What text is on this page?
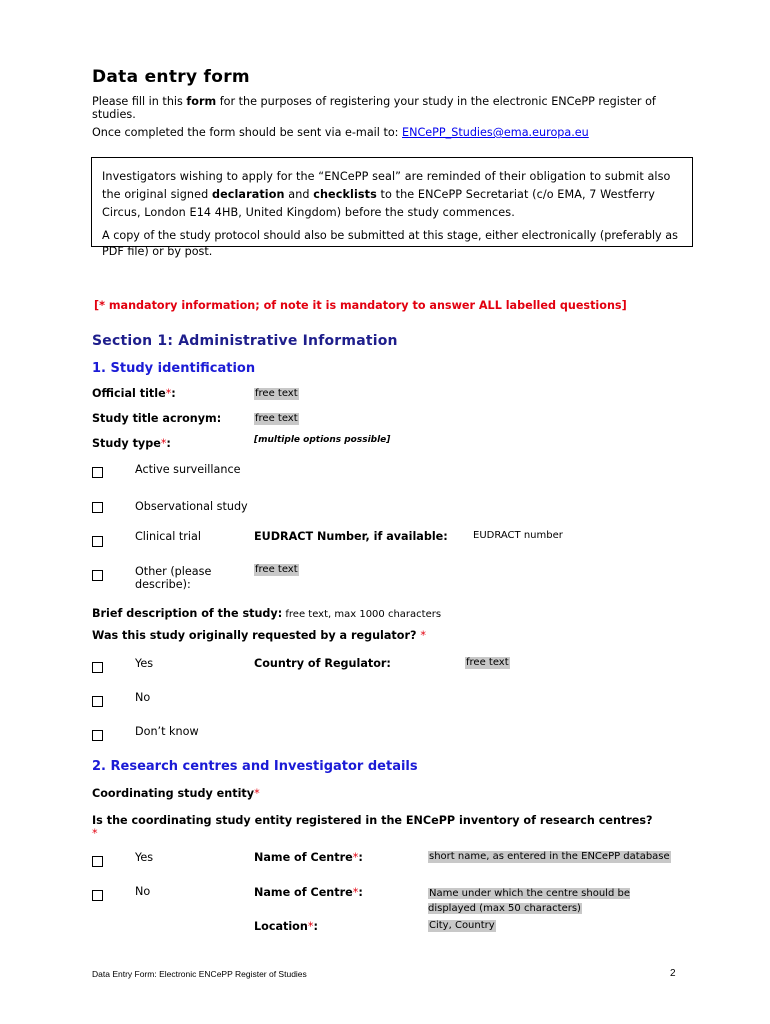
Data entry form
Please fill in this form for the purposes of registering your study in the electronic ENCePP register of studies.
Once completed the form should be sent via e-mail to: ENCePP_Studies@ema.europa.eu
Investigators wishing to apply for the “ENCePP seal” are reminded of their obligation to submit also the original signed declaration and checklists to the ENCePP Secretariat (c/o EMA, 7 Westferry Circus, London E14 4HB, United Kingdom) before the study commences.
A copy of the study protocol should also be submitted at this stage, either electronically (preferably as PDF file) or by post.
[* mandatory information; of note it is mandatory to answer ALL labelled questions]
Section 1: Administrative Information
1. Study identification
Official title*:	free text
Study title acronym:	free text
Study type*:	[multiple options possible]
Active surveillance
Observational study
Clinical trial	EUDRACT Number, if available:	EUDRACT number
Other (please describe):
free text
Brief description of the study: free text, max 1000 characters
Was this study originally requested by a regulator? *
Yes	Country of Regulator:	free text
No
Don’t know
2. Research centres and Investigator details
Coordinating study entity*
Is the coordinating study entity registered in the ENCePP inventory of research centres?
*
Yes	Name of Centre*:	short name, as entered in the ENCePP database
No	Name of Centre*:	Name under which the centre should be displayed (max 50 characters)
Location*:	City, Country
Data Entry Form: Electronic ENCePP Register of Studies	2
